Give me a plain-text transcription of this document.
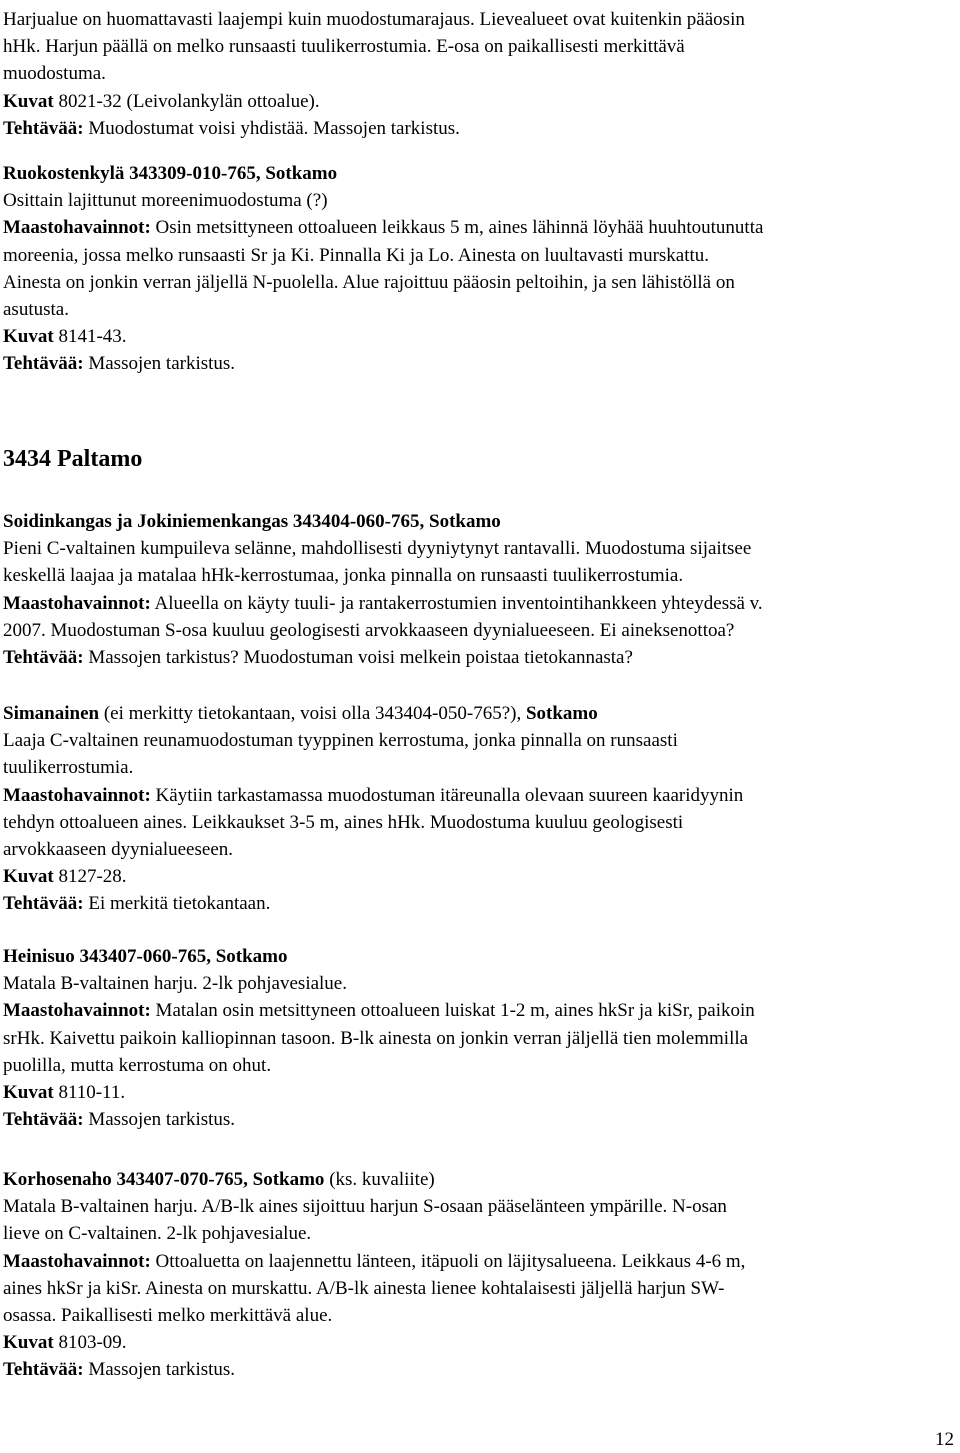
Harjualue on huomattavasti laajempi kuin muodostumarajaus. Lievealueet ovat kuitenkin pääosin
hHk. Harjun päällä on melko runsaasti tuulikerrostumia. E-osa on paikallisesti merkittävä
muodostuma.
Kuvat 8021-32 (Leivolankylän ottoalue).
Tehtävää: Muodostumat voisi yhdistää. Massojen tarkistus.
Ruokostenkylä 343309-010-765, Sotkamo
Osittain lajittunut moreenimuodostuma (?)
Maastohavainnot: Osin metsittyneen ottoalueen leikkaus 5 m, aines lähinnä löyhää huuhtoutunutta
moreenia, jossa melko runsaasti Sr ja Ki. Pinnalla Ki ja Lo. Ainesta on luultavasti murskattu.
Ainesta on jonkin verran jäljellä N-puolella. Alue rajoittuu pääosin peltoihin, ja sen lähistöllä on
asutusta.
Kuvat 8141-43.
Tehtävää: Massojen tarkistus.
3434 Paltamo
Soidinkangas ja Jokiniemenkangas 343404-060-765, Sotkamo
Pieni C-valtainen kumpuileva selänne, mahdollisesti dyyniytynyt rantavalli. Muodostuma sijaitsee
keskellä laajaa ja matalaa hHk-kerrostumaa, jonka pinnalla on runsaasti tuulikerrostumia.
Maastohavainnot: Alueella on käyty tuuli- ja rantakerrostumien inventointihankkeen yhteydessä v.
2007. Muodostuman S-osa kuuluu geologisesti arvokkaaseen dyynialueeseen. Ei aineksenottoa?
Tehtävää: Massojen tarkistus? Muodostuman voisi melkein poistaa tietokannasta?
Simanainen (ei merkitty tietokantaan, voisi olla 343404-050-765?), Sotkamo
Laaja C-valtainen reunamuodostuman tyyppinen kerrostuma, jonka pinnalla on runsaasti
tuulikerrostumia.
Maastohavainnot: Käytiin tarkastamassa muodostuman itäreunalla olevaan suureen kaaridyynin
tehdyn ottoalueen aines. Leikkaukset 3-5 m, aines hHk. Muodostuma kuuluu geologisesti
arvokkaaseen dyynialueeseen.
Kuvat 8127-28.
Tehtävää: Ei merkitä tietokantaan.
Heinisuo 343407-060-765, Sotkamo
Matala B-valtainen harju. 2-lk pohjavesialue.
Maastohavainnot: Matalan osin metsittyneen ottoalueen luiskat 1-2 m, aines hkSr ja kiSr, paikoin
srHk. Kaivettu paikoin kalliopinnan tasoon. B-lk ainesta on jonkin verran jäljellä tien molemmilla
puolilla, mutta kerrostuma on ohut.
Kuvat 8110-11.
Tehtävää: Massojen tarkistus.
Korhosenaho 343407-070-765, Sotkamo (ks. kuvaliite)
Matala B-valtainen harju. A/B-lk aines sijoittuu harjun S-osaan pääselänteen ympärille. N-osan
lieve on C-valtainen. 2-lk pohjavesialue.
Maastohavainnot: Ottoaluetta on laajennettu länteen, itäpuoli on läjitysalueena. Leikkaus 4-6 m,
aines hkSr ja kiSr. Ainesta on murskattu. A/B-lk ainesta lienee kohtalaisesti jäljellä harjun SW-
osassa. Paikallisesti melko merkittävä alue.
Kuvat 8103-09.
Tehtävää: Massojen tarkistus.
12
